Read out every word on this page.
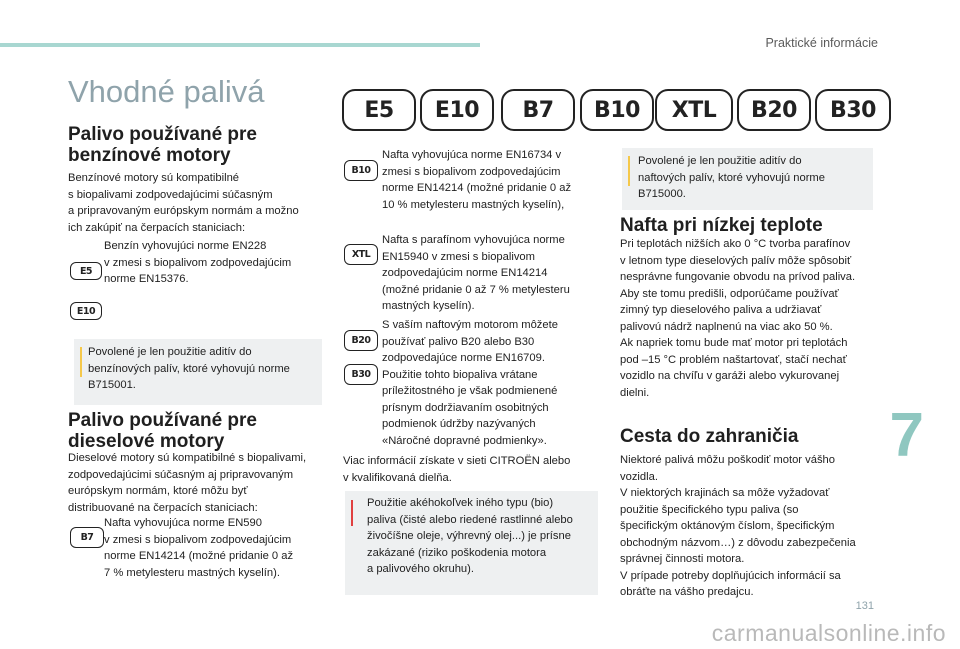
Praktické informácie
Vhodné palivá
E5	E10	B7	B10	XTL	B20	B30
Palivo používané pre
benzínové motory
Benzínové motory sú kompatibilné
s biopalivami zodpovedajúcimi súčasným
a pripravovaným európskym normám a možno
ich zakúpiť na čerpacích staniciach:
E5
E10
Benzín vyhovujúci norme EN228
v zmesi s biopalivom zodpovedajúcim
norme EN15376.
Povolené je len použitie aditív do
benzínových palív, ktoré vyhovujú norme
B715001.
Palivo používané pre
dieselové motory
Dieselové motory sú kompatibilné s biopalivami,
zodpovedajúcimi súčasným aj pripravovaným
európskym normám, ktoré môžu byť
distribuované na čerpacích staniciach:
B7
Nafta vyhovujúca norme EN590
v zmesi s biopalivom zodpovedajúcim
norme EN14214 (možné pridanie 0 až
7 % metylesteru mastných kyselín).
B10
Nafta vyhovujúca norme EN16734 v
zmesi s biopalivom zodpovedajúcim
norme EN14214 (možné pridanie 0 až
10 % metylesteru mastných kyselín),
XTL
Nafta s parafínom vyhovujúca norme
EN15940 v zmesi s biopalivom
zodpovedajúcim norme EN14214
(možné pridanie 0 až 7 % metylesteru
mastných kyselín).
B20
B30
S vaším naftovým motorom môžete
používať palivo B20 alebo B30
zodpovedajúce norme EN16709.
Použitie tohto biopaliva vrátane
príležitostného je však podmienené
prísnym dodržiavaním osobitných
podmienok údržby nazývaných
«Náročné dopravné podmienky».
Viac informácií získate v sieti CITROËN alebo
v kvalifikovaná dielňa.
Použitie akéhokoľvek iného typu (bio)
paliva (čisté alebo riedené rastlinné alebo
živočíšne oleje, výhrevný olej...) je prísne
zakázané (riziko poškodenia motora
a palivového okruhu).
Povolené je len použitie aditív do
naftových palív, ktoré vyhovujú norme
B715000.
Nafta pri nízkej teplote
Pri teplotách nižších ako 0 °C tvorba parafínov
v letnom type dieselových palív môže spôsobiť
nesprávne fungovanie obvodu na prívod paliva.
Aby ste tomu predišli, odporúčame používať
zimný typ dieselového paliva a udržiavať
palivovú nádrž naplnenú na viac ako 50 %.
Ak napriek tomu bude mať motor pri teplotách
pod –15 °C problém naštartovať, stačí nechať
vozidlo na chvíľu v garáži alebo vykurovanej
dielni.
Cesta do zahraničia
Niektoré palivá môžu poškodiť motor vášho
vozidla.
V niektorých krajinách sa môže vyžadovať
použitie špecifického typu paliva (so
špecifickým oktánovým číslom, špecifickým
obchodným názvom…) z dôvodu zabezpečenia
správnej činnosti motora.
V prípade potreby doplňujúcich informácií sa
obráťte na vášho predajcu.
7
131
carmanualsonline.info
